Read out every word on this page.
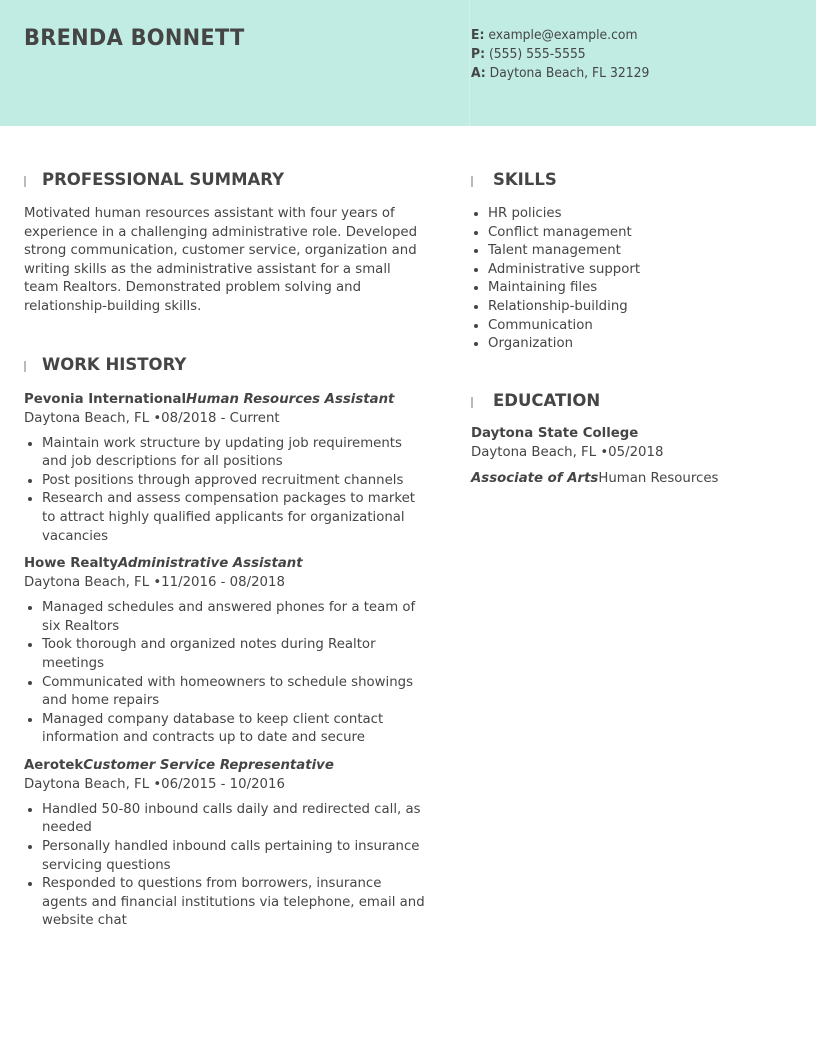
BRENDA BONNETT	E: example@example.com
P: (555) 555-5555
A: Daytona Beach, FL 32129
PROFESSIONAL SUMMARY

Motivated human resources assistant with four years of experience in a challenging administrative role. Developed strong communication, customer service, organization and writing skills as the administrative assistant for a small team Realtors. Demonstrated problem solving and relationship-building skills.

WORK HISTORY
Pevonia InternationalHuman Resources Assistant
Daytona Beach, FL •08/2018 - Current
• Maintain work structure by updating job requirements and job descriptions for all positions
• Post positions through approved recruitment channels
• Research and assess compensation packages to market to attract highly qualified applicants for organizational vacancies
Howe RealtyAdministrative Assistant
Daytona Beach, FL •11/2016 - 08/2018
• Managed schedules and answered phones for a team of six Realtors
• Took thorough and organized notes during Realtor meetings
• Communicated with homeowners to schedule showings and home repairs
• Managed company database to keep client contact information and contracts up to date and secure
AerotekCustomer Service Representative
Daytona Beach, FL •06/2015 - 10/2016
• Handled 50-80 inbound calls daily and redirected call, as needed
• Personally handled inbound calls pertaining to insurance servicing questions
• Responded to questions from borrowers, insurance agents and financial institutions via telephone, email and website chat
SKILLS
• HR policies
• Conflict management
• Talent management
• Administrative support
• Maintaining files
• Relationship-building
• Communication
• Organization
EDUCATION
Daytona State College
Daytona Beach, FL •05/2018
Associate of ArtsHuman Resources
